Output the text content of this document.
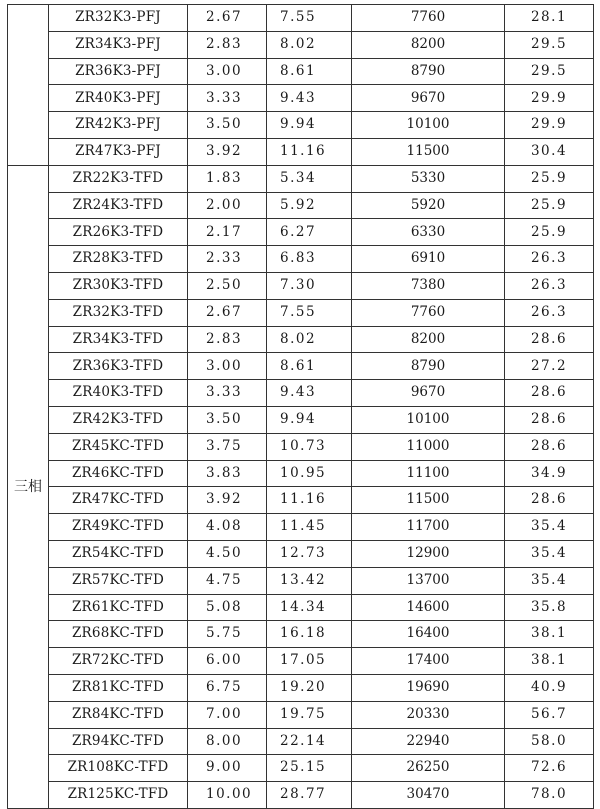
	ZR32K3-PFJ	2.67	7.55	7760	28.1
	ZR34K3-PFJ	2.83	8.02	8200	29.5
	ZR36K3-PFJ	3.00	8.61	8790	29.5
	ZR40K3-PFJ	3.33	9.43	9670	29.9
	ZR42K3-PFJ	3.50	9.94	10100	29.9
	ZR47K3-PFJ	3.92	11.16	11500	30.4
三相	ZR22K3-TFD	1.83	5.34	5330	25.9
	ZR24K3-TFD	2.00	5.92	5920	25.9
	ZR26K3-TFD	2.17	6.27	6330	25.9
	ZR28K3-TFD	2.33	6.83	6910	26.3
	ZR30K3-TFD	2.50	7.30	7380	26.3
	ZR32K3-TFD	2.67	7.55	7760	26.3
	ZR34K3-TFD	2.83	8.02	8200	28.6
	ZR36K3-TFD	3.00	8.61	8790	27.2
	ZR40K3-TFD	3.33	9.43	9670	28.6
	ZR42K3-TFD	3.50	9.94	10100	28.6
	ZR45KC-TFD	3.75	10.73	11000	28.6
	ZR46KC-TFD	3.83	10.95	11100	34.9
	ZR47KC-TFD	3.92	11.16	11500	28.6
	ZR49KC-TFD	4.08	11.45	11700	35.4
	ZR54KC-TFD	4.50	12.73	12900	35.4
	ZR57KC-TFD	4.75	13.42	13700	35.4
	ZR61KC-TFD	5.08	14.34	14600	35.8
	ZR68KC-TFD	5.75	16.18	16400	38.1
	ZR72KC-TFD	6.00	17.05	17400	38.1
	ZR81KC-TFD	6.75	19.20	19690	40.9
	ZR84KC-TFD	7.00	19.75	20330	56.7
	ZR94KC-TFD	8.00	22.14	22940	58.0
	ZR108KC-TFD	9.00	25.15	26250	72.6
	ZR125KC-TFD	10.00	28.77	30470	78.0
